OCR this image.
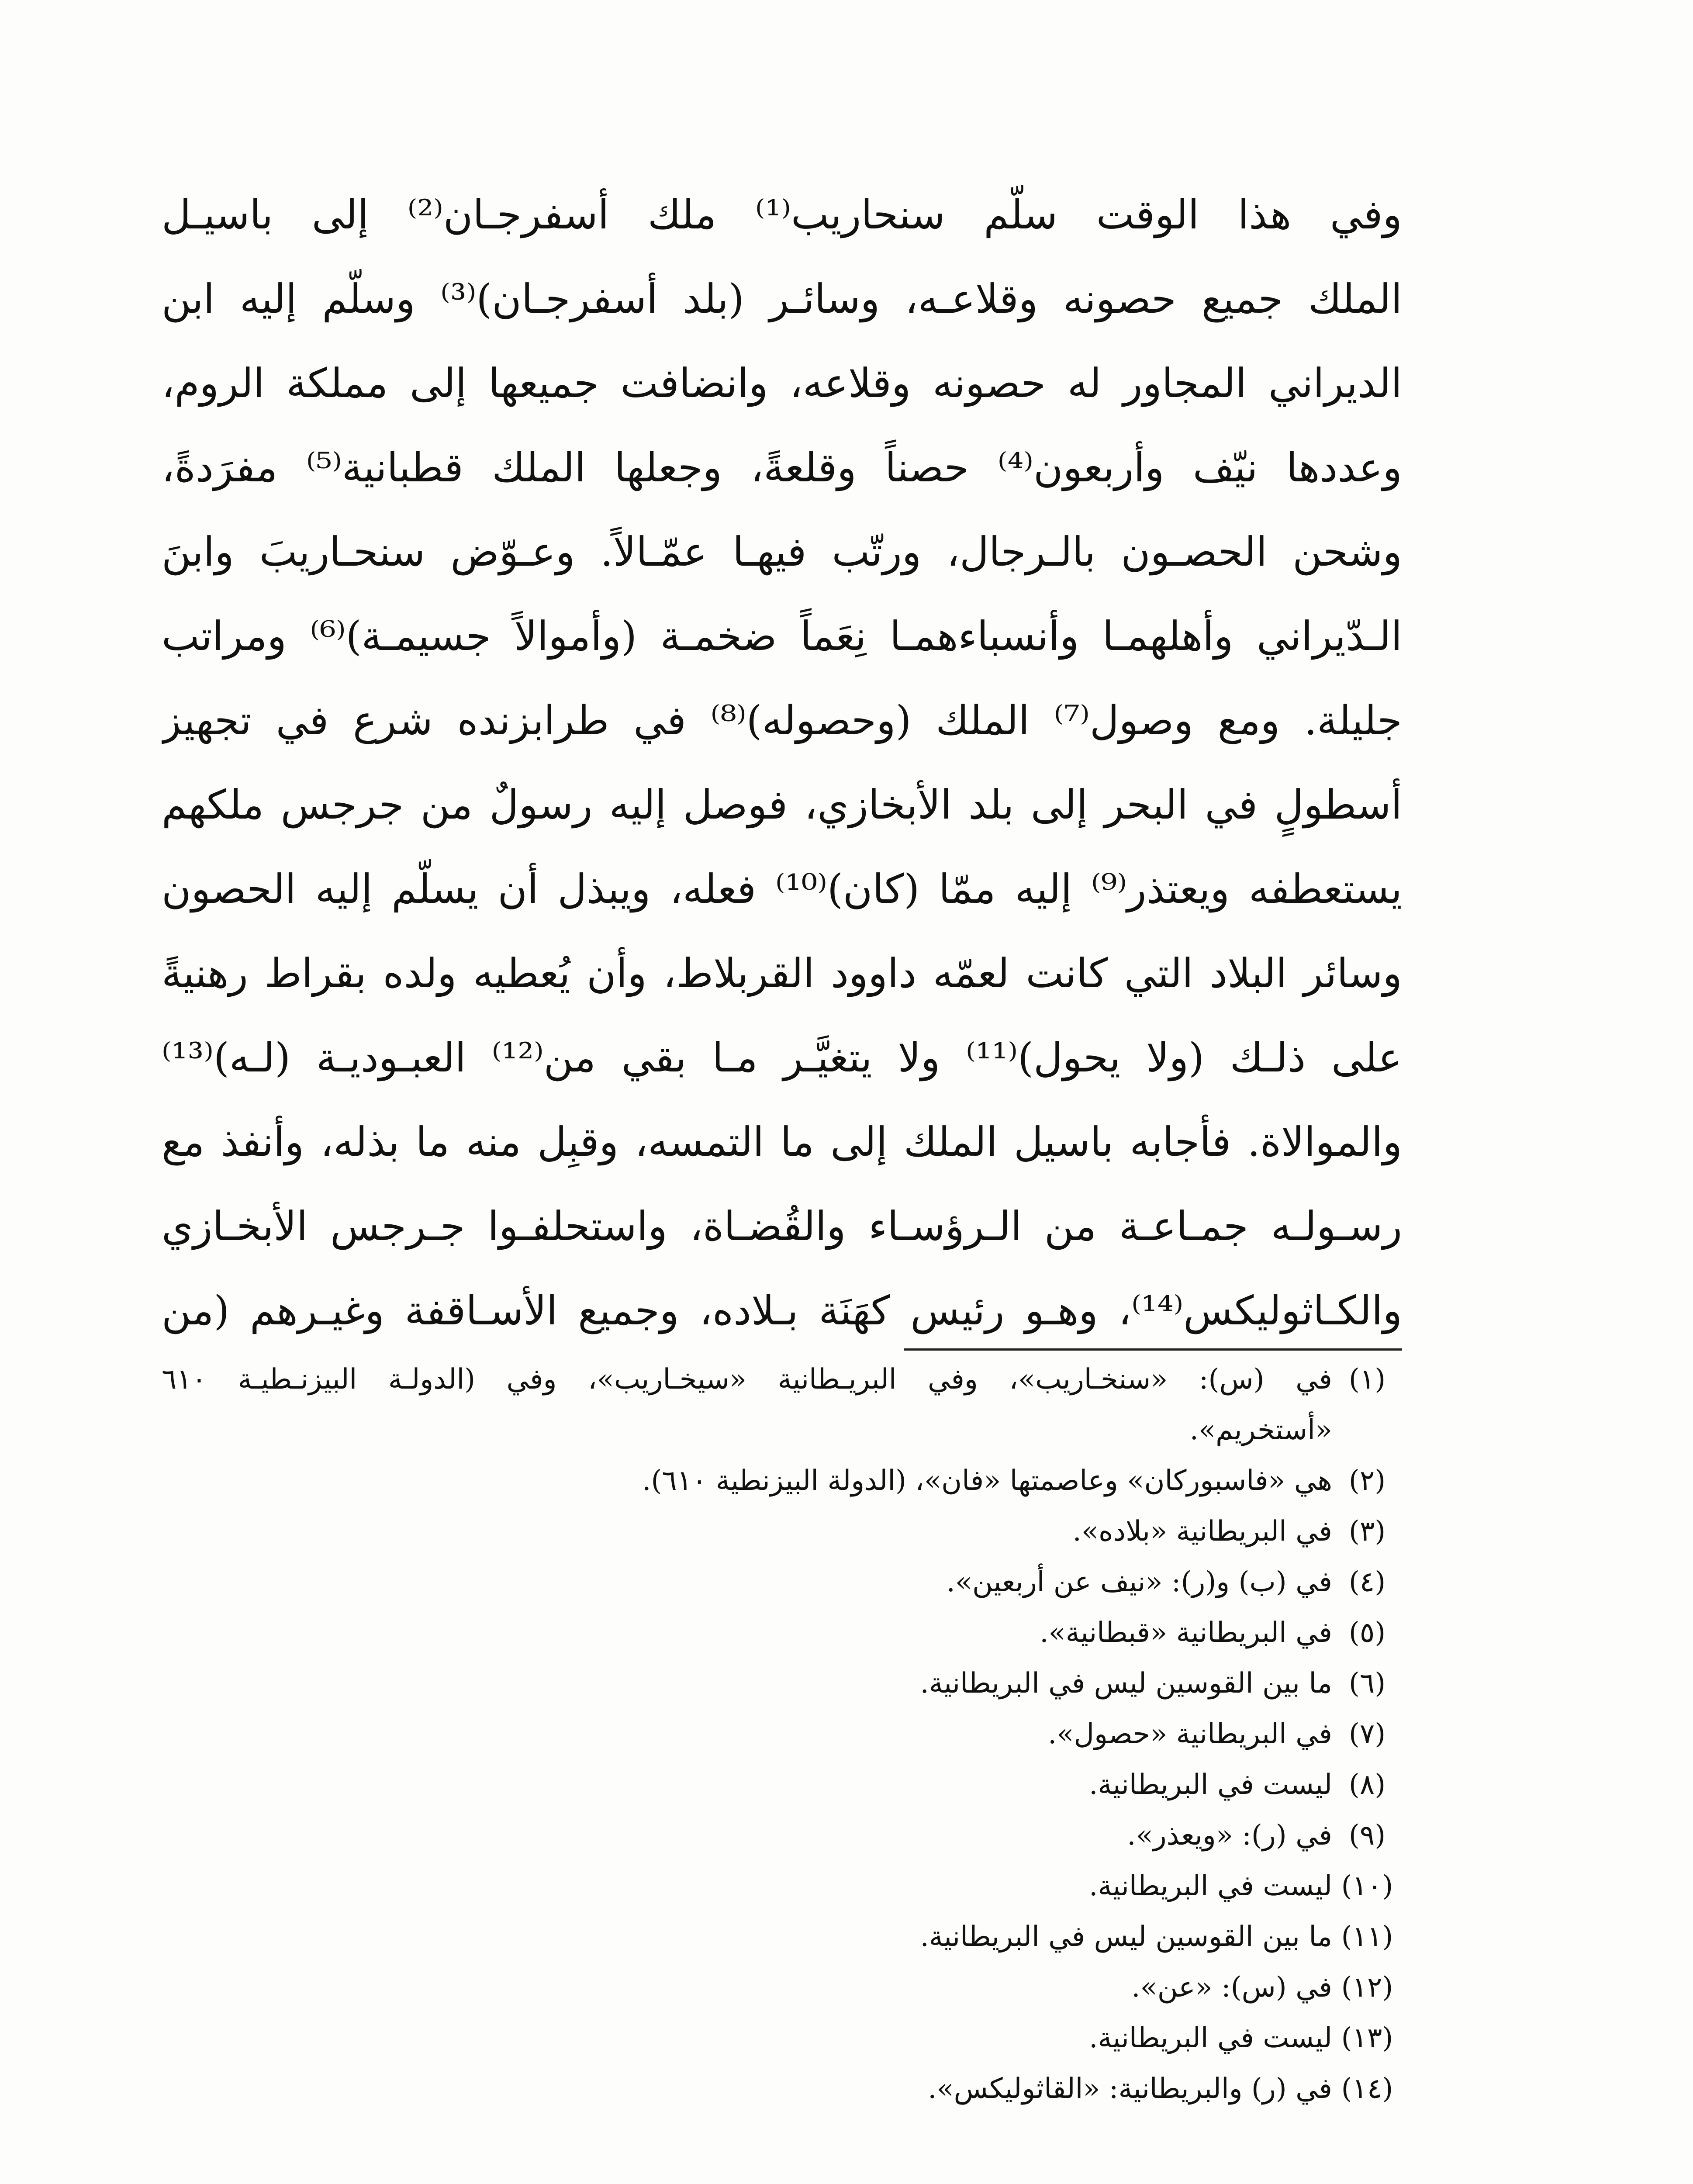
وفي هذا الوقت سلّم سنحاريب⁽¹⁾ ملك أسفرجـان⁽²⁾ إلى باسيـل
الملك جميع حصونه وقلاعـه، وسائـر (بلد أسفرجـان)⁽³⁾ وسلّم إليه ابن
الديراني المجاور له حصونه وقلاعه، وانضافت جميعها إلى مملكة الروم،
وعددها نيّف وأربعون⁽⁴⁾ حصناً وقلعةً، وجعلها الملك قطبانية⁽⁵⁾ مفرَدةً،
وشحن الحصـون بالـرجال، ورتّب فيهـا عمّـالاً. وعـوّض سنحـاريبَ وابنَ
الـدّيراني وأهلهمـا وأنسباءهمـا نِعَماً ضخمـة (وأموالاً جسيمـة)⁽⁶⁾ ومراتب
جليلة. ومع وصول⁽⁷⁾ الملك (وحصوله)⁽⁸⁾ في طرابزنده شرع في تجهيز
أسطولٍ في البحر إلى بلد الأبخازي، فوصل إليه رسولٌ من جرجس ملكهم
يستعطفه ويعتذر⁽⁹⁾ إليه ممّا (كان)⁽¹⁰⁾ فعله، ويبذل أن يسلّم إليه الحصون
وسائر البلاد التي كانت لعمّه داوود القربلاط، وأن يُعطيه ولده بقراط رهنيةً
على ذلـك (ولا يحول)⁽¹¹⁾ ولا يتغيَّـر مـا بقي من⁽¹²⁾ العبـوديـة (لـه)⁽¹³⁾
والموالاة. فأجابه باسيل الملك إلى ما التمسه، وقبِل منه ما بذله، وأنفذ مع
رسـولـه جمـاعـة من الـرؤسـاء والقُضـاة، واستحلفـوا جـرجس الأبخـازي
والكـاثوليكس⁽¹⁴⁾، وهـو رئيس كهَنَة بـلاده، وجميع الأسـاقفة وغيـرهم (من
(١)
في (س): «سنخـاريب»، وفي البريـطانية «سيخـاريب»، وفي (الدولـة البيزنـطيـة ٦١٠
«أستخريم».
(٢)
هي «فاسبوركان» وعاصمتها «فان»، (الدولة البيزنطية ٦١٠).
(٣)
في البريطانية «بلاده».
(٤)
في (ب) و(ر): «نيف عن أربعين».
(٥)
في البريطانية «قبطانية».
(٦)
ما بين القوسين ليس في البريطانية.
(٧)
في البريطانية «حصول».
(٨)
ليست في البريطانية.
(٩)
في (ر): «ويعذر».
(١٠)
ليست في البريطانية.
(١١)
ما بين القوسين ليس في البريطانية.
(١٢)
في (س): «عن».
(١٣)
ليست في البريطانية.
(١٤)
في (ر) والبريطانية: «القاثوليكس».
